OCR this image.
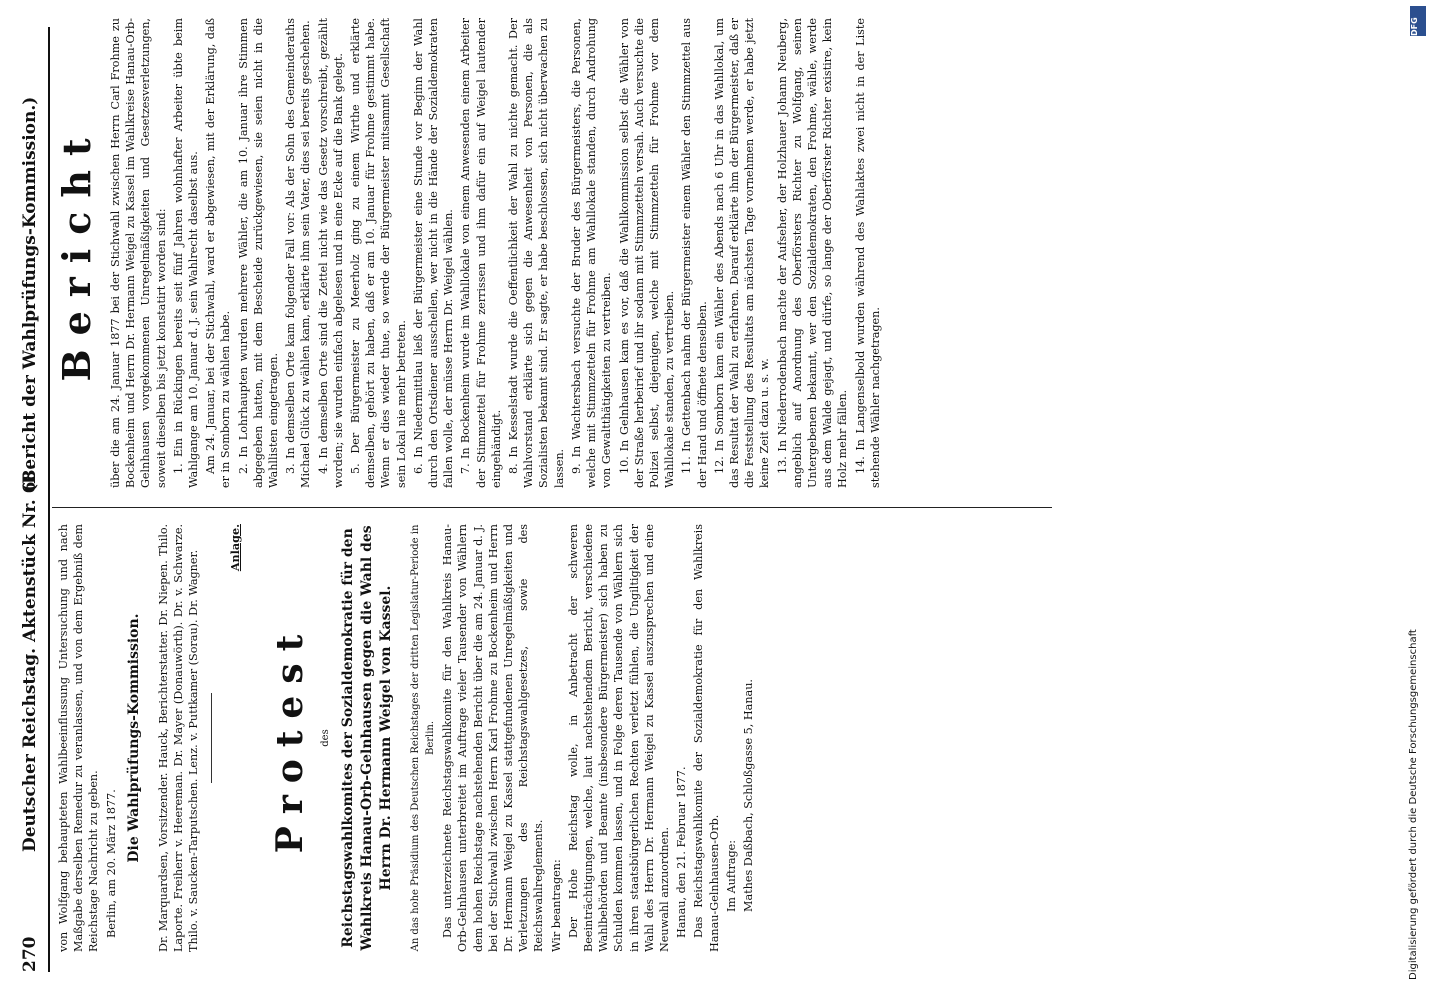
270
Deutscher Reichstag. Aktenstück Nr. 68.
(Bericht der Wahlprüfungs-Kommission.)

von Wolfgang behaupteten Wahlbeeinflussung Untersuchung und nach Maßgabe derselben Remedur zu veranlassen, und von dem Ergebniß dem Reichstage Nachricht zu geben. Berlin, am 20. März 1877.

Die Wahlprüfungs-Kommission. Dr. Marquardsen, Vorsitzender. Hauck, Berichterstatter. Dr. Niepen. Thilo. Laporte. Freiherr v. Heereman. Dr. Mayer (Donauwörth). Dr. v. Schwarze. Thilo. v. Saucken-Tarputschen. Lenz. v. Puttkamer (Sorau). Dr. Wagner.

Anlage.

Protest des Reichstagswahlkomites der Sozialdemokratie für den Wahlkreis Hanau-Orb-Gelnhausen gegen die Wahl des Herrn Dr. Hermann Weigel von Kassel. An das hohe Präsidium des Deutschen Reichstages der dritten Legislatur-Periode in Berlin. Das unterzeichnete Reichstagswahlkomite für den Wahlkreis Hanau-Orb-Gelnhausen unterbreitet im Auftrage vieler Tausender von Wählern dem hohen Reichstage nachstehenden Bericht über die am 24. Januar d. J. bei der Stichwahl zwischen Herrn Karl Frohme zu Bockenheim und Herrn Dr. Hermann Weigel zu Kassel stattgefundenen Unregelmäßigkeiten und Verletzungen des Reichstagswahlgesetzes, sowie des Reichswahlreglements. Wir beantragen: Der Hohe Reichstag wolle, in Anbetracht der schweren Beeinträchtigungen, welche, laut nachstehendem Bericht, verschiedene Wahlbehörden und Beamte (insbesondere Bürgermeister) sich haben zu Schulden kommen lassen, und in Folge deren Tausende von Wählern sich in ihren staatsbürgerlichen Rechten verletzt fühlen, die Ungiltigkeit der Wahl des Herrn Dr. Hermann Weigel zu Kassel auszusprechen und eine Neuwahl anzuordnen. Hanau, den 21. Februar 1877. Das Reichstagswahlkomite der Sozialdemokratie für den Wahlkreis Hanau-Gelnhausen-Orb. Im Auftrage: Mathes Daßbach, Schloßgasse 5, Hanau.

Bericht über die am 24. Januar 1877 bei der Stichwahl zwischen Herrn Carl Frohme zu Bockenheim und Herrn Dr. Hermann Weigel zu Kassel im Wahlkreise Hanau-Orb-Gelnhausen vorgekommenen Unregelmäßigkeiten und Gesetzesverletzungen, soweit dieselben bis jetzt konstatirt worden sind: 1. Ein in Rückingen bereits seit fünf Jahren wohnhafter Arbeiter übte beim Wahlgange am 10. Januar d. J. sein Wahlrecht daselbst aus. Am 24. Januar, bei der Stichwahl, ward er abgewiesen, mit der Erklärung, daß er in Somborn zu wählen habe. 2. In Lohrhaupten wurden mehrere Wähler, die am 10. Januar ihre Stimmen abgegeben hatten, mit dem Bescheide zurückgewiesen, sie seien nicht in die Wahllisten eingetragen. 3. In demselben Orte kam folgender Fall vor: Als der Sohn des Gemeinderaths Michael Glück zu wählen kam, erklärte ihm sein Vater, dies sei bereits geschehen. 4. In demselben Orte sind die Zettel nicht wie das Gesetz vorschreibt, gezählt worden; sie wurden einfach abgelesen und in eine Ecke auf die Bank gelegt. 5. Der Bürgermeister zu Meerholz ging zu einem Wirthe und erklärte demselben, gehört zu haben, daß er am 10. Januar für Frohme gestimmt habe. Wenn er dies wieder thue, so werde der Bürgermeister mitsammt Gesellschaft sein Lokal nie mehr betreten. 6. In Niedermittlau ließ der Bürgermeister eine Stunde vor Beginn der Wahl durch den Ortsdiener ausschellen, wer nicht in die Hände der Sozialdemokraten fallen wolle, der müsse Herrn Dr. Weigel wählen. 7. In Bockenheim wurde im Wahllokale von einem Anwesenden einem Arbeiter der Stimmzettel für Frohme zerrissen und ihm dafür ein auf Weigel lautender eingehändigt. 8. In Kesselstadt wurde die Oeffentlichkeit der Wahl zu nichte gemacht. Der Wahlvorstand erklärte sich gegen die Anwesenheit von Personen, die als Sozialisten bekannt sind. Er sagte, er habe beschlossen, sich nicht überwachen zu lassen. 9. In Wachtersbach versuchte der Bruder des Bürgermeisters, die Personen, welche mit Stimmzetteln für Frohme am Wahllokale standen, durch Androhung von Gewaltthätigkeiten zu vertreiben. 10. In Gelnhausen kam es vor, daß die Wahlkommission selbst die Wähler von der Straße herbeirief und ihr sodann mit Stimmzetteln versah. Auch versuchte die Polizei selbst, diejenigen, welche mit Stimmzetteln für Frohme vor dem Wahllokale standen, zu vertreiben. 11. In Gettenbach nahm der Bürgermeister einem Wähler den Stimmzettel aus der Hand und öffnete denselben. 12. In Somborn kam ein Wähler des Abends nach 6 Uhr in das Wahllokal, um das Resultat der Wahl zu erfahren. Darauf erklärte ihm der Bürgermeister, daß er die Feststellung des Resultats am nächsten Tage vornehmen werde, er habe jetzt keine Zeit dazu u. s. w. 13. In Niederrodenbach machte der Aufseher, der Holzhauer Johann Neuberg, angeblich auf Anordnung des Oberförsters Richter zu Wolfgang, seinen Untergebenen bekannt, wer den Sozialdemokraten, den Frohme, wähle, werde aus dem Walde gejagt, und dürfe, so lange der Oberförster Richter existire, kein Holz mehr fällen. 14. In Langenselbold wurden während des Wahlaktes zwei nicht in der Liste stehende Wähler nachgetragen.

DFG
Digitalisierung gefördert durch die Deutsche Forschungsgemeinschaft
